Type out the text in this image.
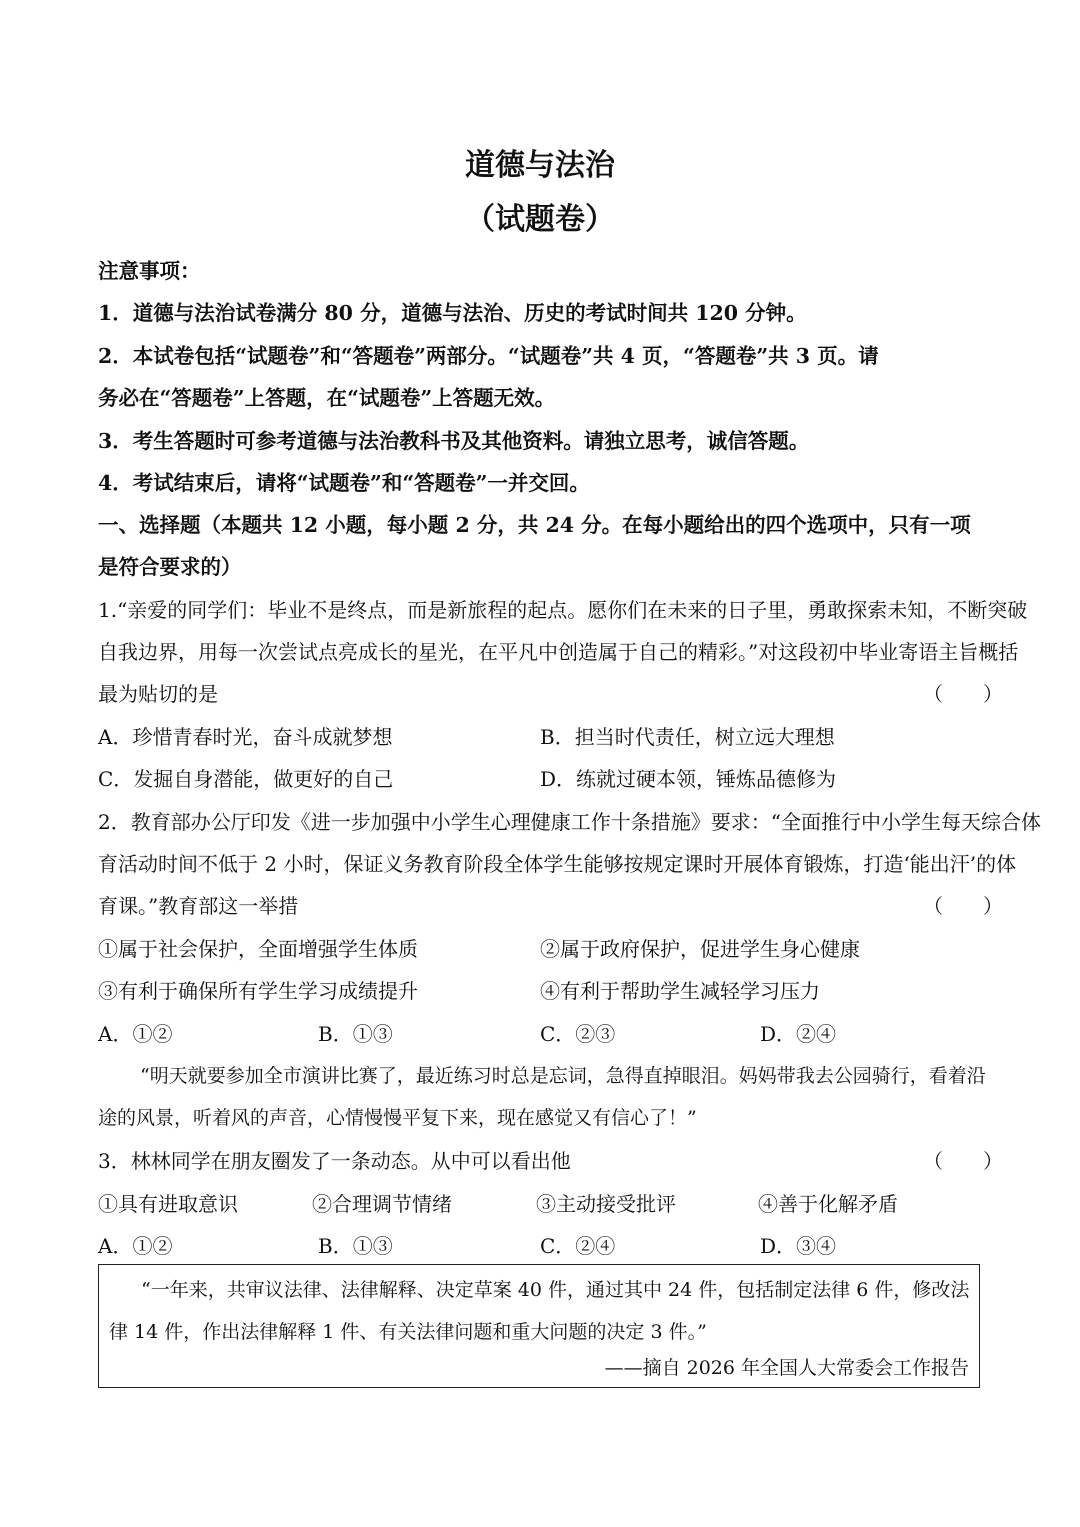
道德与法治
（试题卷）
注意事项：
1．道德与法治试卷满分 80 分，道德与法治、历史的考试时间共 120 分钟。
2．本试卷包括“试题卷”和“答题卷”两部分。“试题卷”共 4 页，“答题卷”共 3 页。请
务必在“答题卷”上答题，在“试题卷”上答题无效。
3．考生答题时可参考道德与法治教科书及其他资料。请独立思考，诚信答题。
4．考试结束后，请将“试题卷”和“答题卷”一并交回。
一、选择题（本题共 12 小题，每小题 2 分，共 24 分。在每小题给出的四个选项中，只有一项
是符合要求的）
1.“亲爱的同学们：毕业不是终点，而是新旅程的起点。愿你们在未来的日子里，勇敢探索未知，不断突破
自我边界，用每一次尝试点亮成长的星光，在平凡中创造属于自己的精彩。”对这段初中毕业寄语主旨概括
最为贴切的是	（　　）
A．珍惜青春时光，奋斗成就梦想	B．担当时代责任，树立远大理想
C．发掘自身潜能，做更好的自己	D．练就过硬本领，锤炼品德修为
2．教育部办公厅印发《进一步加强中小学生心理健康工作十条措施》要求：“全面推行中小学生每天综合体
育活动时间不低于 2 小时，保证义务教育阶段全体学生能够按规定课时开展体育锻炼，打造‘能出汗’的体
育课。”教育部这一举措	（　　）
①属于社会保护，全面增强学生体质	②属于政府保护，促进学生身心健康
③有利于确保所有学生学习成绩提升	④有利于帮助学生减轻学习压力
A．①②	B．①③	C．②③	D．②④
“明天就要参加全市演讲比赛了，最近练习时总是忘词，急得直掉眼泪。妈妈带我去公园骑行，看着沿
途的风景，听着风的声音，心情慢慢平复下来，现在感觉又有信心了！”
3．林林同学在朋友圈发了一条动态。从中可以看出他	（　　）
①具有进取意识	②合理调节情绪	③主动接受批评	④善于化解矛盾
A．①②	B．①③	C．②④	D．③④
“一年来，共审议法律、法律解释、决定草案 40 件，通过其中 24 件，包括制定法律 6 件，修改法
律 14 件，作出法律解释 1 件、有关法律问题和重大问题的决定 3 件。”
——摘自 2026 年全国人大常委会工作报告
